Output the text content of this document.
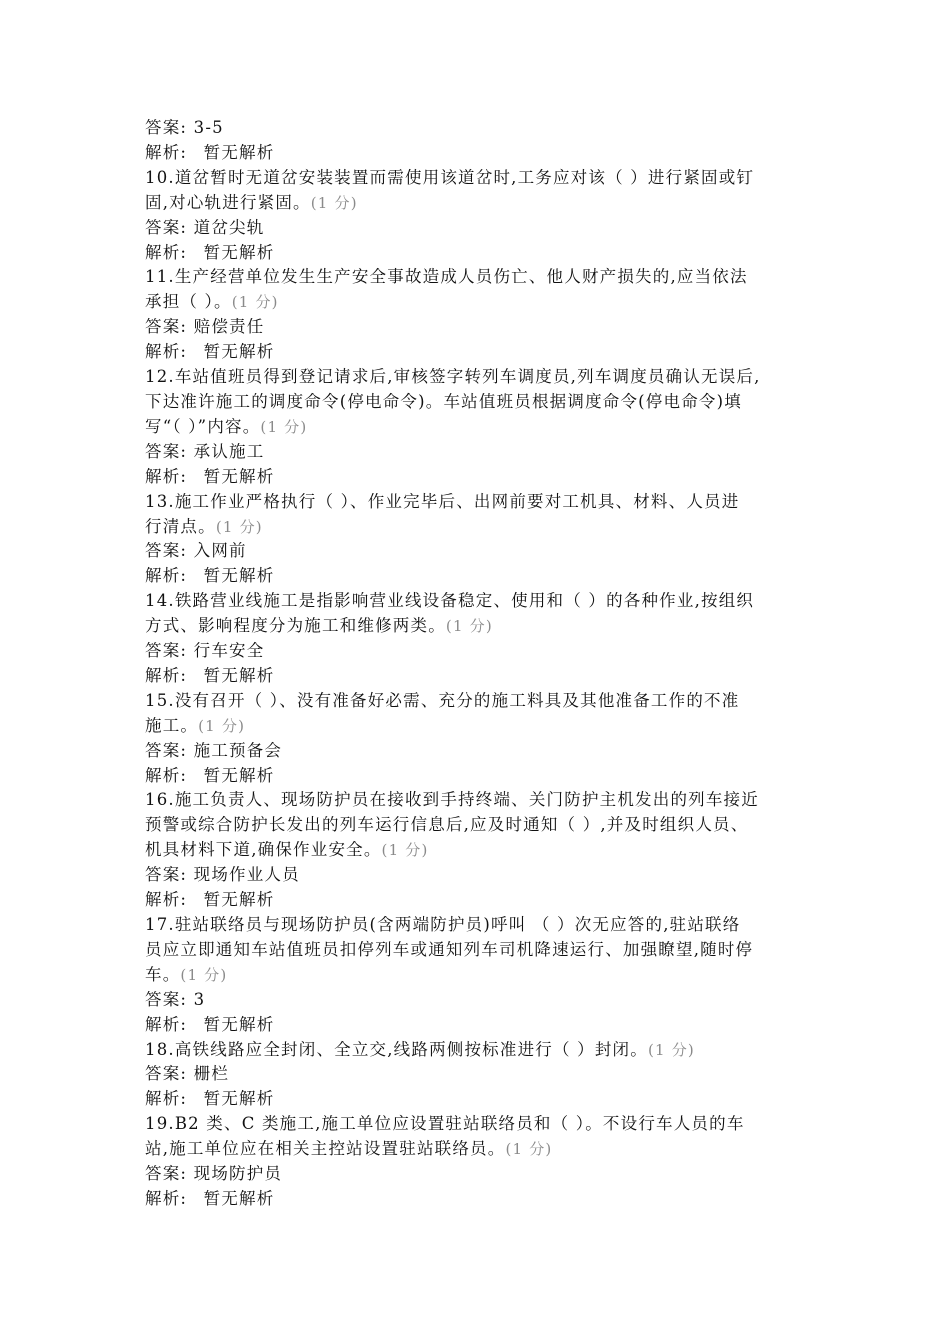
答案: 3-5
解析: 暂无解析
10.道岔暂时无道岔安装装置而需使用该道岔时,工务应对该（ ）进行紧固或钉
固,对心轨进行紧固。(1 分)
答案: 道岔尖轨
解析: 暂无解析
11.生产经营单位发生生产安全事故造成人员伤亡、他人财产损失的,应当依法
承担（ ）。(1 分)
答案: 赔偿责任
解析: 暂无解析
12.车站值班员得到登记请求后,审核签字转列车调度员,列车调度员确认无误后,
下达准许施工的调度命令(停电命令)。车站值班员根据调度命令(停电命令)填
写“（ ）”内容。(1 分)
答案: 承认施工
解析: 暂无解析
13.施工作业严格执行（ ）、作业完毕后、出网前要对工机具、材料、人员进
行清点。(1 分)
答案: 入网前
解析: 暂无解析
14.铁路营业线施工是指影响营业线设备稳定、使用和（ ）的各种作业,按组织
方式、影响程度分为施工和维修两类。(1 分)
答案: 行车安全
解析: 暂无解析
15.没有召开（ ）、没有准备好必需、充分的施工料具及其他准备工作的不准
施工。(1 分)
答案: 施工预备会
解析: 暂无解析
16.施工负责人、现场防护员在接收到手持终端、关门防护主机发出的列车接近
预警或综合防护长发出的列车运行信息后,应及时通知（ ）,并及时组织人员、
机具材料下道,确保作业安全。(1 分)
答案: 现场作业人员
解析: 暂无解析
17.驻站联络员与现场防护员(含两端防护员)呼叫 （ ）次无应答的,驻站联络
员应立即通知车站值班员扣停列车或通知列车司机降速运行、加强瞭望,随时停
车。(1 分)
答案: 3
解析: 暂无解析
18.高铁线路应全封闭、全立交,线路两侧按标准进行（ ）封闭。(1 分)
答案: 栅栏
解析: 暂无解析
19.B2 类、C 类施工,施工单位应设置驻站联络员和（ ）。不设行车人员的车
站,施工单位应在相关主控站设置驻站联络员。(1 分)
答案: 现场防护员
解析: 暂无解析
